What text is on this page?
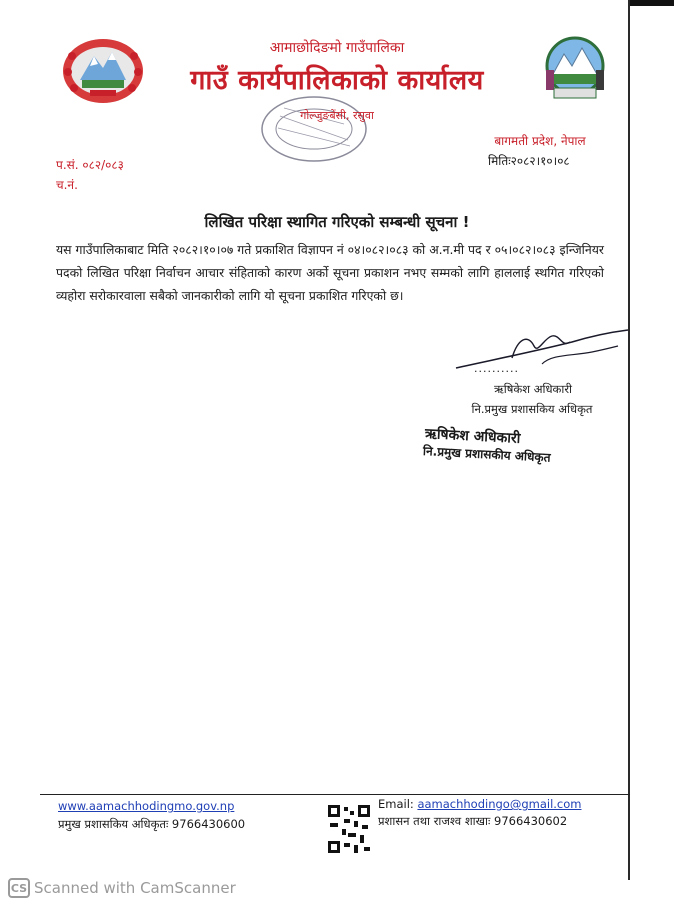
आमाछोदिङमो गाउँपालिका
गाउँ कार्यपालिकाको कार्यालय
गोल्जुङबेंसी, रसुवा
बागमती प्रदेश, नेपाल
मितिः२०८२।१०।०८
प.सं. ०८२/०८३
च.नं.
लिखित परिक्षा स्थागित गरिएको सम्बन्धी सूचना !
यस गाउँपालिकाबाट मिति २०८२।१०।०७ गते प्रकाशित विज्ञापन नं ०४।०८२।०८३ को अ.न.मी पद र ०५।०८२।०८३ इन्जिनियर पदको लिखित परिक्षा निर्वाचन आचार संहिताको कारण अर्को सूचना प्रकाशन नभए सम्मको लागि हाललाई स्थगित गरिएको व्यहोरा सरोकारवाला सबैको जानकारीको लागि यो सूचना प्रकाशित गरिएको छ।
..........
ऋषिकेश अधिकारी
नि.प्रमुख प्रशासकिय अधिकृत
ऋषिकेश अधिकारी
नि.प्रमुख प्रशासकीय अधिकृत
www.aamachhodingmo.gov.np
प्रमुख प्रशासकिय अधिकृतः 9766430600
Email: aamachhodingo@gmail.com
प्रशासन तथा राजश्व शाखाः 9766430602
CS Scanned with CamScanner
